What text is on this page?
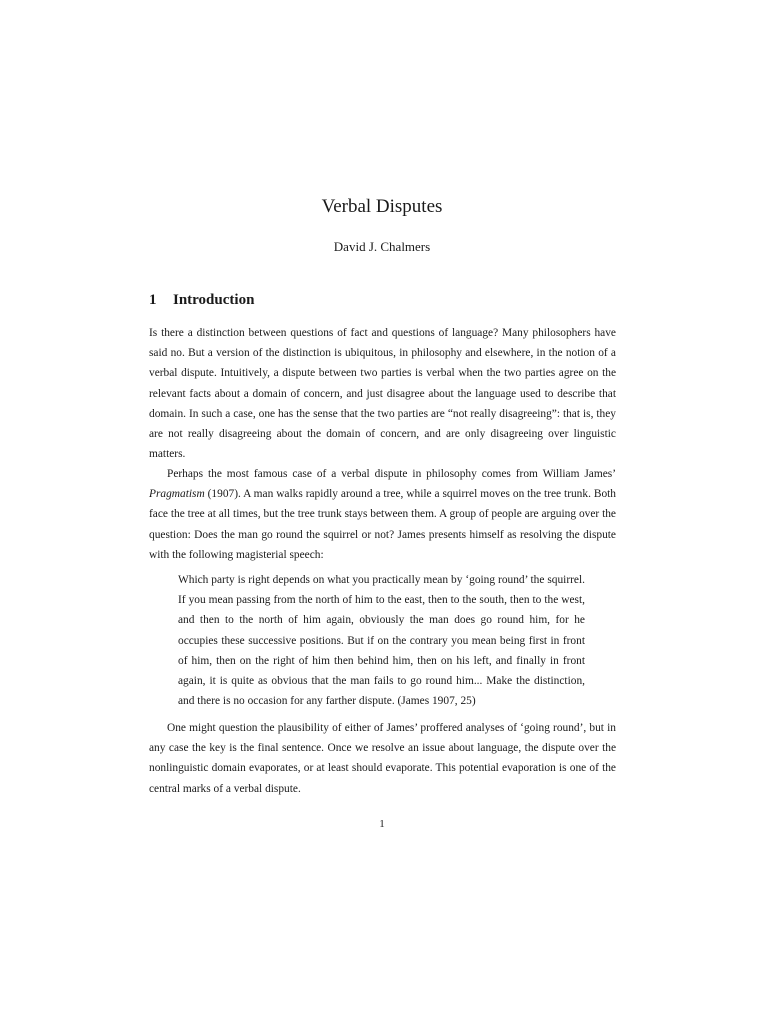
Verbal Disputes
David J. Chalmers
1 Introduction

Is there a distinction between questions of fact and questions of language? Many philosophers have said no. But a version of the distinction is ubiquitous, in philosophy and elsewhere, in the notion of a verbal dispute. Intuitively, a dispute between two parties is verbal when the two parties agree on the relevant facts about a domain of concern, and just disagree about the language used to describe that domain. In such a case, one has the sense that the two parties are “not really disagreeing”: that is, they are not really disagreeing about the domain of concern, and are only disagreeing over linguistic matters.

Perhaps the most famous case of a verbal dispute in philosophy comes from William James’ Pragmatism (1907). A man walks rapidly around a tree, while a squirrel moves on the tree trunk. Both face the tree at all times, but the tree trunk stays between them. A group of people are arguing over the question: Does the man go round the squirrel or not? James presents himself as resolving the dispute with the following magisterial speech:

Which party is right depends on what you practically mean by ‘going round’ the squirrel. If you mean passing from the north of him to the east, then to the south, then to the west, and then to the north of him again, obviously the man does go round him, for he occupies these successive positions. But if on the contrary you mean being first in front of him, then on the right of him then behind him, then on his left, and finally in front again, it is quite as obvious that the man fails to go round him... Make the distinction, and there is no occasion for any farther dispute. (James 1907, 25)

One might question the plausibility of either of James’ proffered analyses of ‘going round’, but in any case the key is the final sentence. Once we resolve an issue about language, the dispute over the nonlinguistic domain evaporates, or at least should evaporate. This potential evaporation is one of the central marks of a verbal dispute.

1
